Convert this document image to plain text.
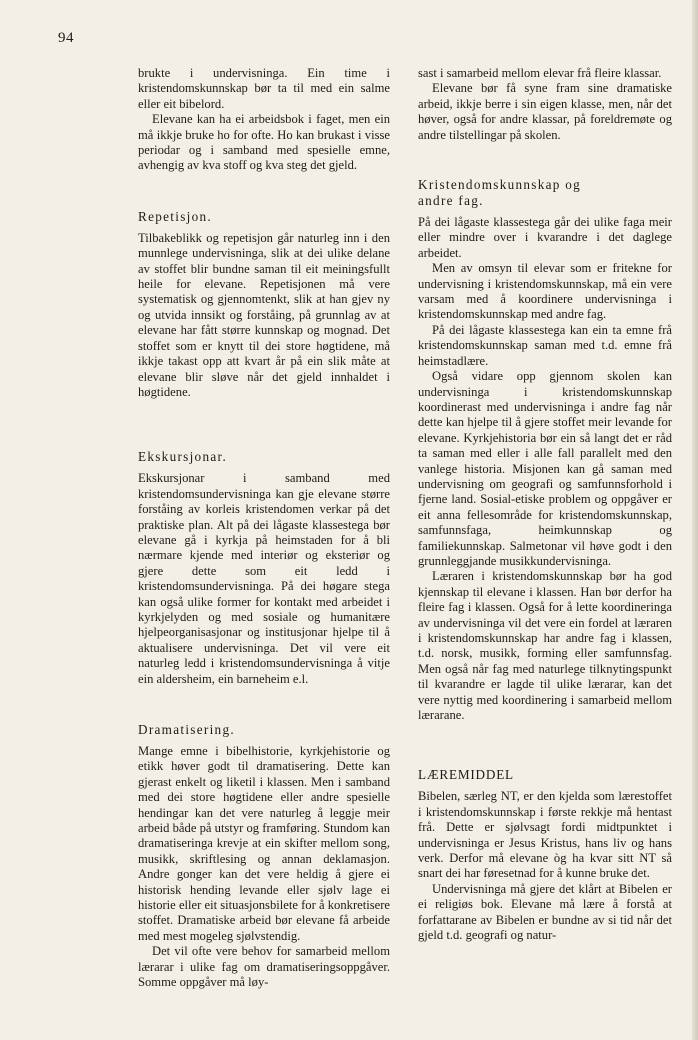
94

brukte i undervisninga. Ein time i kristendomskunnskap bør ta til med ein salme eller eit bibelord.

Elevane kan ha ei arbeidsbok i faget, men ein må ikkje bruke ho for ofte. Ho kan brukast i visse periodar og i samband med spesielle emne, avhengig av kva stoff og kva steg det gjeld.

Repetisjon.

Tilbakeblikk og repetisjon går naturleg inn i den munnlege undervisninga, slik at dei ulike delane av stoffet blir bundne saman til eit meiningsfullt heile for elevane. Repetisjonen må vere systematisk og gjennomtenkt, slik at han gjev ny og utvida innsikt og forståing, på grunnlag av at elevane har fått større kunnskap og mognad. Det stoffet som er knytt til dei store høgtidene, må ikkje takast opp att kvart år på ein slik måte at elevane blir sløve når det gjeld innhaldet i høgtidene.

Ekskursjonar.

Ekskursjonar i samband med kristendomsundervisninga kan gje elevane større forståing av korleis kristendomen verkar på det praktiske plan. Alt på dei lågaste klassestega bør elevane gå i kyrkja på heimstaden for å bli nærmare kjende med interiør og eksteriør og gjere dette som eit ledd i kristendomsundervisninga. På dei høgare stega kan også ulike former for kontakt med arbeidet i kyrkjelyden og med sosiale og humanitære hjelpeorganisasjonar og institusjonar hjelpe til å aktualisere undervisninga. Det vil vere eit naturleg ledd i kristendomsundervisninga å vitje ein aldersheim, ein barneheim e.l.

Dramatisering.

Mange emne i bibelhistorie, kyrkjehistorie og etikk høver godt til dramatisering. Dette kan gjerast enkelt og liketil i klassen. Men i samband med dei store høgtidene eller andre spesielle hendingar kan det vere naturleg å leggje meir arbeid både på utstyr og framføring. Stundom kan dramatiseringa krevje at ein skifter mellom song, musikk, skriftlesing og annan deklamasjon. Andre gonger kan det vere heldig å gjere ei historisk hending levande eller sjølv lage ei historie eller eit situasjonsbilete for å konkretisere stoffet. Dramatiske arbeid bør elevane få arbeide med mest mogeleg sjølvstendig.

Det vil ofte vere behov for samarbeid mellom lærarar i ulike fag om dramatiseringsoppgåver. Somme oppgåver må løy-

sast i samarbeid mellom elevar frå fleire klassar.

Elevane bør få syne fram sine dramatiske arbeid, ikkje berre i sin eigen klasse, men, når det høver, også for andre klassar, på foreldremøte og andre tilstellingar på skolen.

Kristendomskunnskap og andre fag.

På dei lågaste klassestega går dei ulike faga meir eller mindre over i kvarandre i det daglege arbeidet.

Men av omsyn til elevar som er fritekne for undervisning i kristendomskunnskap, må ein vere varsam med å koordinere undervisninga i kristendomskunnskap med andre fag.

På dei lågaste klassestega kan ein ta emne frå kristendomskunnskap saman med t.d. emne frå heimstadlære.

Også vidare opp gjennom skolen kan undervisninga i kristendomskunnskap koordinerast med undervisninga i andre fag når dette kan hjelpe til å gjere stoffet meir levande for elevane. Kyrkjehistoria bør ein så langt det er råd ta saman med eller i alle fall parallelt med den vanlege historia. Misjonen kan gå saman med undervisning om geografi og samfunnsforhold i fjerne land. Sosial-etiske problem og oppgåver er eit anna fellesområde for kristendomskunnskap, samfunnsfaga, heimkunnskap og familiekunnskap. Salmetonar vil høve godt i den grunnleggjande musikkundervisninga.

Læraren i kristendomskunnskap bør ha god kjennskap til elevane i klassen. Han bør derfor ha fleire fag i klassen. Også for å lette koordineringa av undervisninga vil det vere ein fordel at læraren i kristendomskunnskap har andre fag i klassen, t.d. norsk, musikk, forming eller samfunnsfag. Men også når fag med naturlege tilknytingspunkt til kvarandre er lagde til ulike lærarar, kan det vere nyttig med koordinering i samarbeid mellom lærarane.

LÆREMIDDEL

Bibelen, særleg NT, er den kjelda som lærestoffet i kristendomskunnskap i første rekkje må hentast frå. Dette er sjølvsagt fordi midtpunktet i undervisninga er Jesus Kristus, hans liv og hans verk. Derfor må elevane òg ha kvar sitt NT så snart dei har føresetnad for å kunne bruke det.

Undervisninga må gjere det klårt at Bibelen er ei religiøs bok. Elevane må lære å forstå at forfattarane av Bibelen er bundne av si tid når det gjeld t.d. geografi og natur-
